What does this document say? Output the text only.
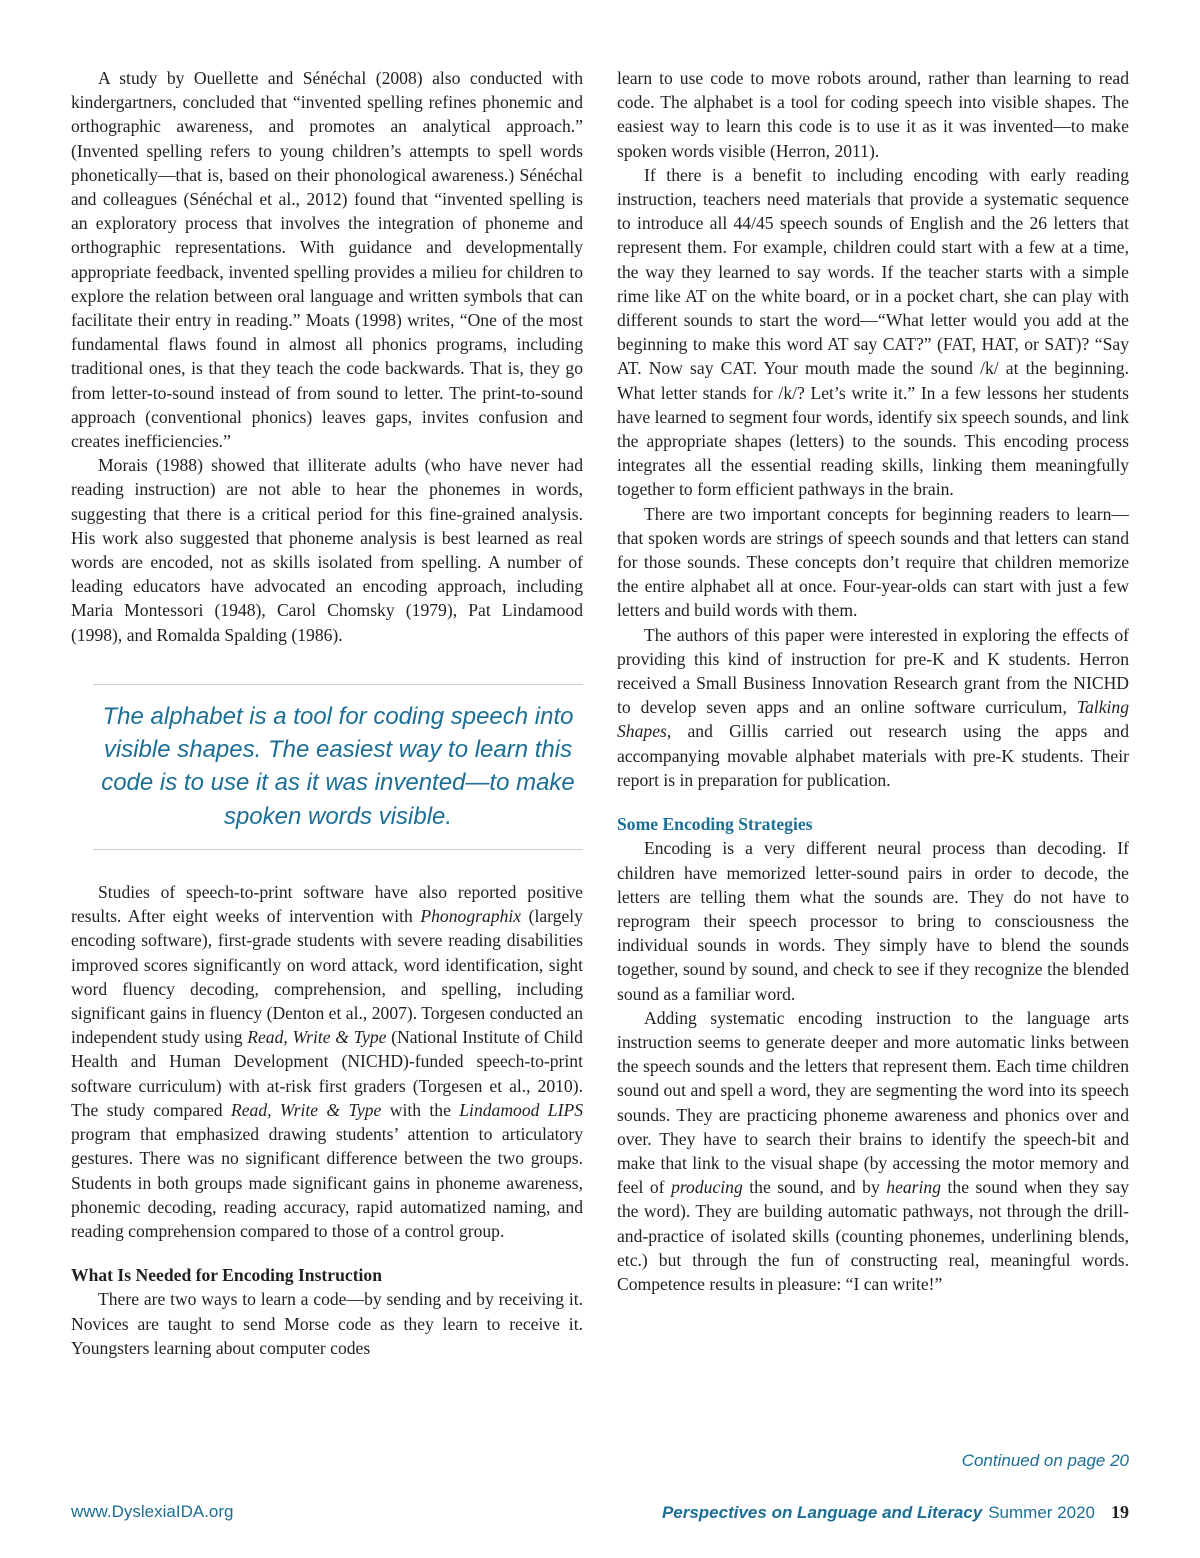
A study by Ouellette and Sénéchal (2008) also conducted with kindergartners, concluded that “invented spelling refines phonemic and orthographic awareness, and promotes an analytical approach.” (Invented spelling refers to young children’s attempts to spell words phonetically—that is, based on their phonological awareness.) Sénéchal and colleagues (Sénéchal et al., 2012) found that “invented spelling is an exploratory process that involves the integration of phoneme and orthographic representations. With guidance and developmentally appropriate feedback, invented spelling provides a milieu for children to explore the relation between oral language and written symbols that can facilitate their entry in reading.” Moats (1998) writes, “One of the most fundamental flaws found in almost all phonics programs, including traditional ones, is that they teach the code backwards. That is, they go from letter-to-sound instead of from sound to letter. The print-to-sound approach (conventional phonics) leaves gaps, invites confusion and creates inefficiencies.”

Morais (1988) showed that illiterate adults (who have never had reading instruction) are not able to hear the phonemes in words, suggesting that there is a critical period for this fine-grained analysis. His work also suggested that phoneme analysis is best learned as real words are encoded, not as skills isolated from spelling. A number of leading educators have advocated an encoding approach, including Maria Montessori (1948), Carol Chomsky (1979), Pat Lindamood (1998), and Romalda Spalding (1986).

The alphabet is a tool for coding speech into visible shapes. The easiest way to learn this code is to use it as it was invented—to make spoken words visible.

Studies of speech-to-print software have also reported positive results. After eight weeks of intervention with Phonographix (largely encoding software), first-grade students with severe reading disabilities improved scores significantly on word attack, word identification, sight word fluency decoding, comprehension, and spelling, including significant gains in fluency (Denton et al., 2007). Torgesen conducted an independent study using Read, Write & Type (National Institute of Child Health and Human Development (NICHD)-funded speech-to-print software curriculum) with at-risk first graders (Torgesen et al., 2010). The study compared Read, Write & Type with the Lindamood LIPS program that emphasized drawing students’ attention to articulatory gestures. There was no significant difference between the two groups. Students in both groups made significant gains in phoneme awareness, phonemic decoding, reading accuracy, rapid automatized naming, and reading comprehension compared to those of a control group.

What Is Needed for Encoding Instruction

There are two ways to learn a code—by sending and by receiving it. Novices are taught to send Morse code as they learn to receive it. Youngsters learning about computer codes

learn to use code to move robots around, rather than learning to read code. The alphabet is a tool for coding speech into visible shapes. The easiest way to learn this code is to use it as it was invented—to make spoken words visible (Herron, 2011).

If there is a benefit to including encoding with early reading instruction, teachers need materials that provide a systematic sequence to introduce all 44/45 speech sounds of English and the 26 letters that represent them. For example, children could start with a few at a time, the way they learned to say words. If the teacher starts with a simple rime like AT on the white board, or in a pocket chart, she can play with different sounds to start the word—“What letter would you add at the beginning to make this word AT say CAT?” (FAT, HAT, or SAT)? “Say AT. Now say CAT. Your mouth made the sound /k/ at the beginning. What letter stands for /k/? Let’s write it.” In a few lessons her students have learned to segment four words, identify six speech sounds, and link the appropriate shapes (letters) to the sounds. This encoding process integrates all the essential reading skills, linking them meaningfully together to form efficient pathways in the brain.

There are two important concepts for beginning readers to learn—that spoken words are strings of speech sounds and that letters can stand for those sounds. These concepts don’t require that children memorize the entire alphabet all at once. Four-year-olds can start with just a few letters and build words with them.

The authors of this paper were interested in exploring the effects of providing this kind of instruction for pre-K and K students. Herron received a Small Business Innovation Research grant from the NICHD to develop seven apps and an online software curriculum, Talking Shapes, and Gillis carried out research using the apps and accompanying movable alphabet materials with pre-K students. Their report is in preparation for publication.

Some Encoding Strategies

Encoding is a very different neural process than decoding. If children have memorized letter-sound pairs in order to decode, the letters are telling them what the sounds are. They do not have to reprogram their speech processor to bring to consciousness the individual sounds in words. They simply have to blend the sounds together, sound by sound, and check to see if they recognize the blended sound as a familiar word.

Adding systematic encoding instruction to the language arts instruction seems to generate deeper and more automatic links between the speech sounds and the letters that represent them. Each time children sound out and spell a word, they are segmenting the word into its speech sounds. They are practicing phoneme awareness and phonics over and over. They have to search their brains to identify the speech-bit and make that link to the visual shape (by accessing the motor memory and feel of producing the sound, and by hearing the sound when they say the word). They are building automatic pathways, not through the drill-and-practice of isolated skills (counting phonemes, underlining blends, etc.) but through the fun of constructing real, meaningful words. Competence results in pleasure: “I can write!”

Continued on page 20
www.DyslexiaIDA.org	Perspectives on Language and Literacy Summer 2020 19
